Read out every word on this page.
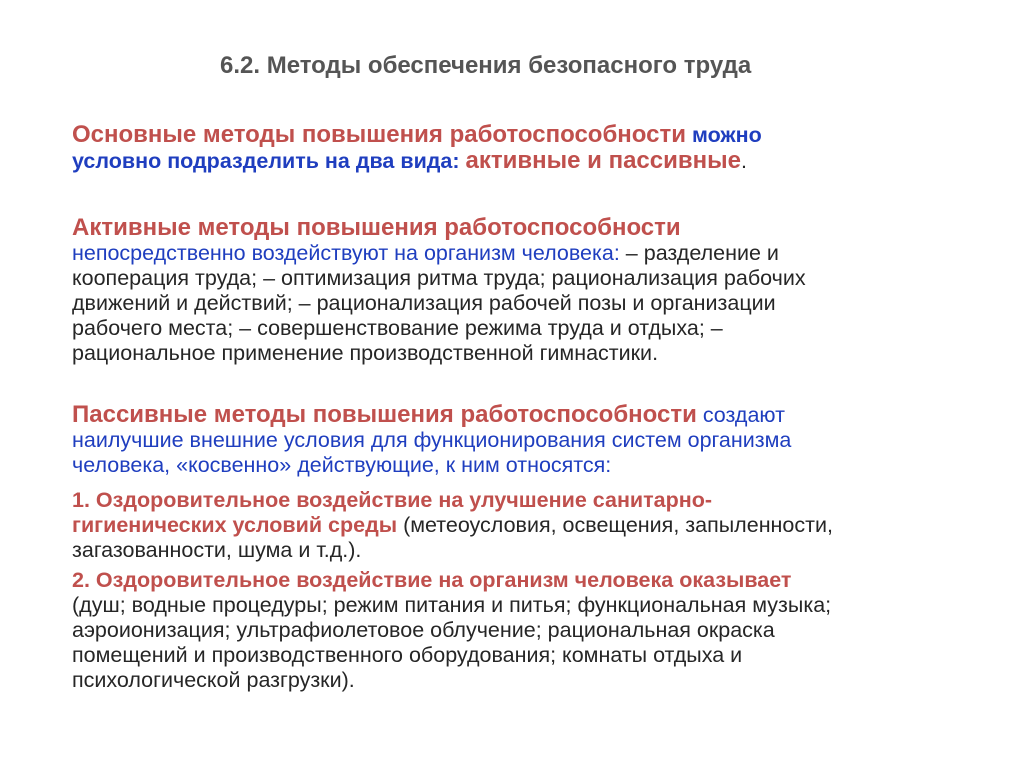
6.2. Методы обеспечения безопасного труда
Основные методы повышения работоспособности можно
условно подразделить на два вида: активные и пассивные.
Активные методы повышения работоспособности
непосредственно воздействуют на организм человека: – разделение и
кооперация труда; – оптимизация ритма труда; рационализация рабочих
движений и действий; – рационализация рабочей позы и организации
рабочего места; – совершенствование режима труда и отдыха; –
рациональное применение производственной гимнастики.
Пассивные методы повышения работоспособности создают
наилучшие внешние условия для функционирования систем организма
человека, «косвенно» действующие, к ним относятся:
1. Оздоровительное воздействие на улучшение санитарно-
гигиенических условий среды (метеоусловия, освещения, запыленности,
загазованности, шума и т.д.).
2. Оздоровительное воздействие на организм человека оказывает
(душ; водные процедуры; режим питания и питья; функциональная музыка;
аэроионизация; ультрафиолетовое облучение; рациональная окраска
помещений и производственного оборудования; комнаты отдыха и
психологической разгрузки).
